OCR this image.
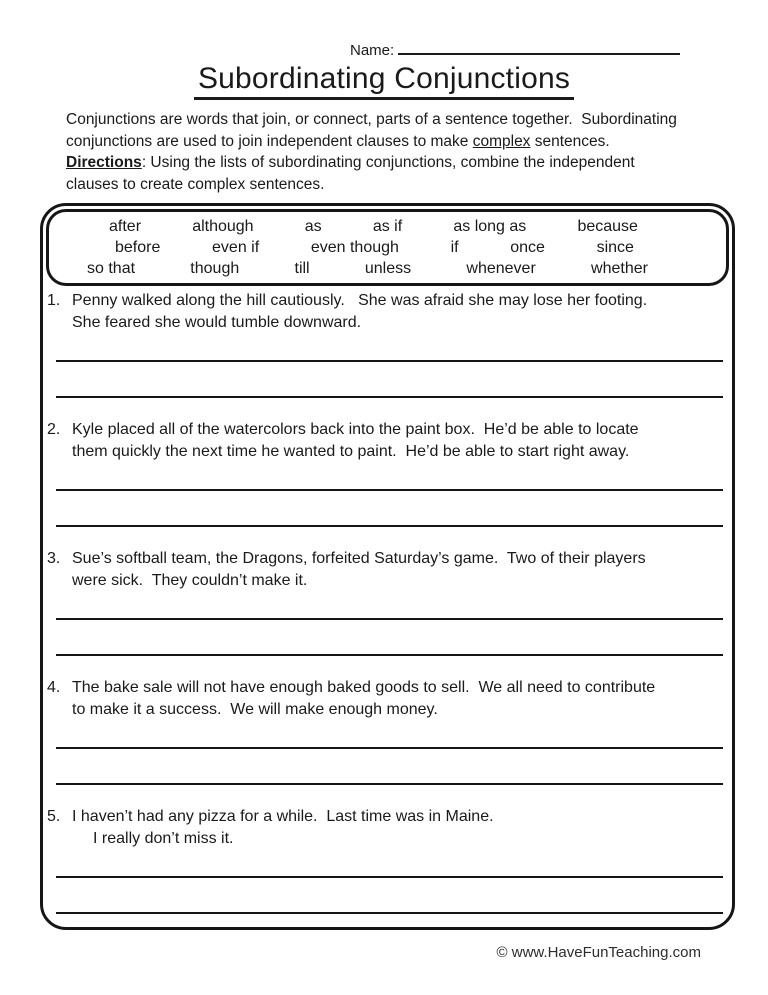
Name:
Subordinating Conjunctions
Conjunctions are words that join, or connect, parts of a sentence together.  Subordinating
conjunctions are used to join independent clauses to make complex sentences.
Directions: Using the lists of subordinating conjunctions, combine the independent
clauses to create complex sentences.
after	although	as	as if	as long as	because
before	even if	even though	if	once	since
so that	though	till	unless	whenever	whether
1. Penny walked along the hill cautiously.   She was afraid she may lose her footing.
She feared she would tumble downward.
2. Kyle placed all of the watercolors back into the paint box.  He’d be able to locate
them quickly the next time he wanted to paint.  He’d be able to start right away.
3. Sue’s softball team, the Dragons, forfeited Saturday’s game.  Two of their players
were sick.  They couldn’t make it.
4. The bake sale will not have enough baked goods to sell.  We all need to contribute
to make it a success.  We will make enough money.
5. I haven’t had any pizza for a while.  Last time was in Maine.
I really don’t miss it.
© www.HaveFunTeaching.com
